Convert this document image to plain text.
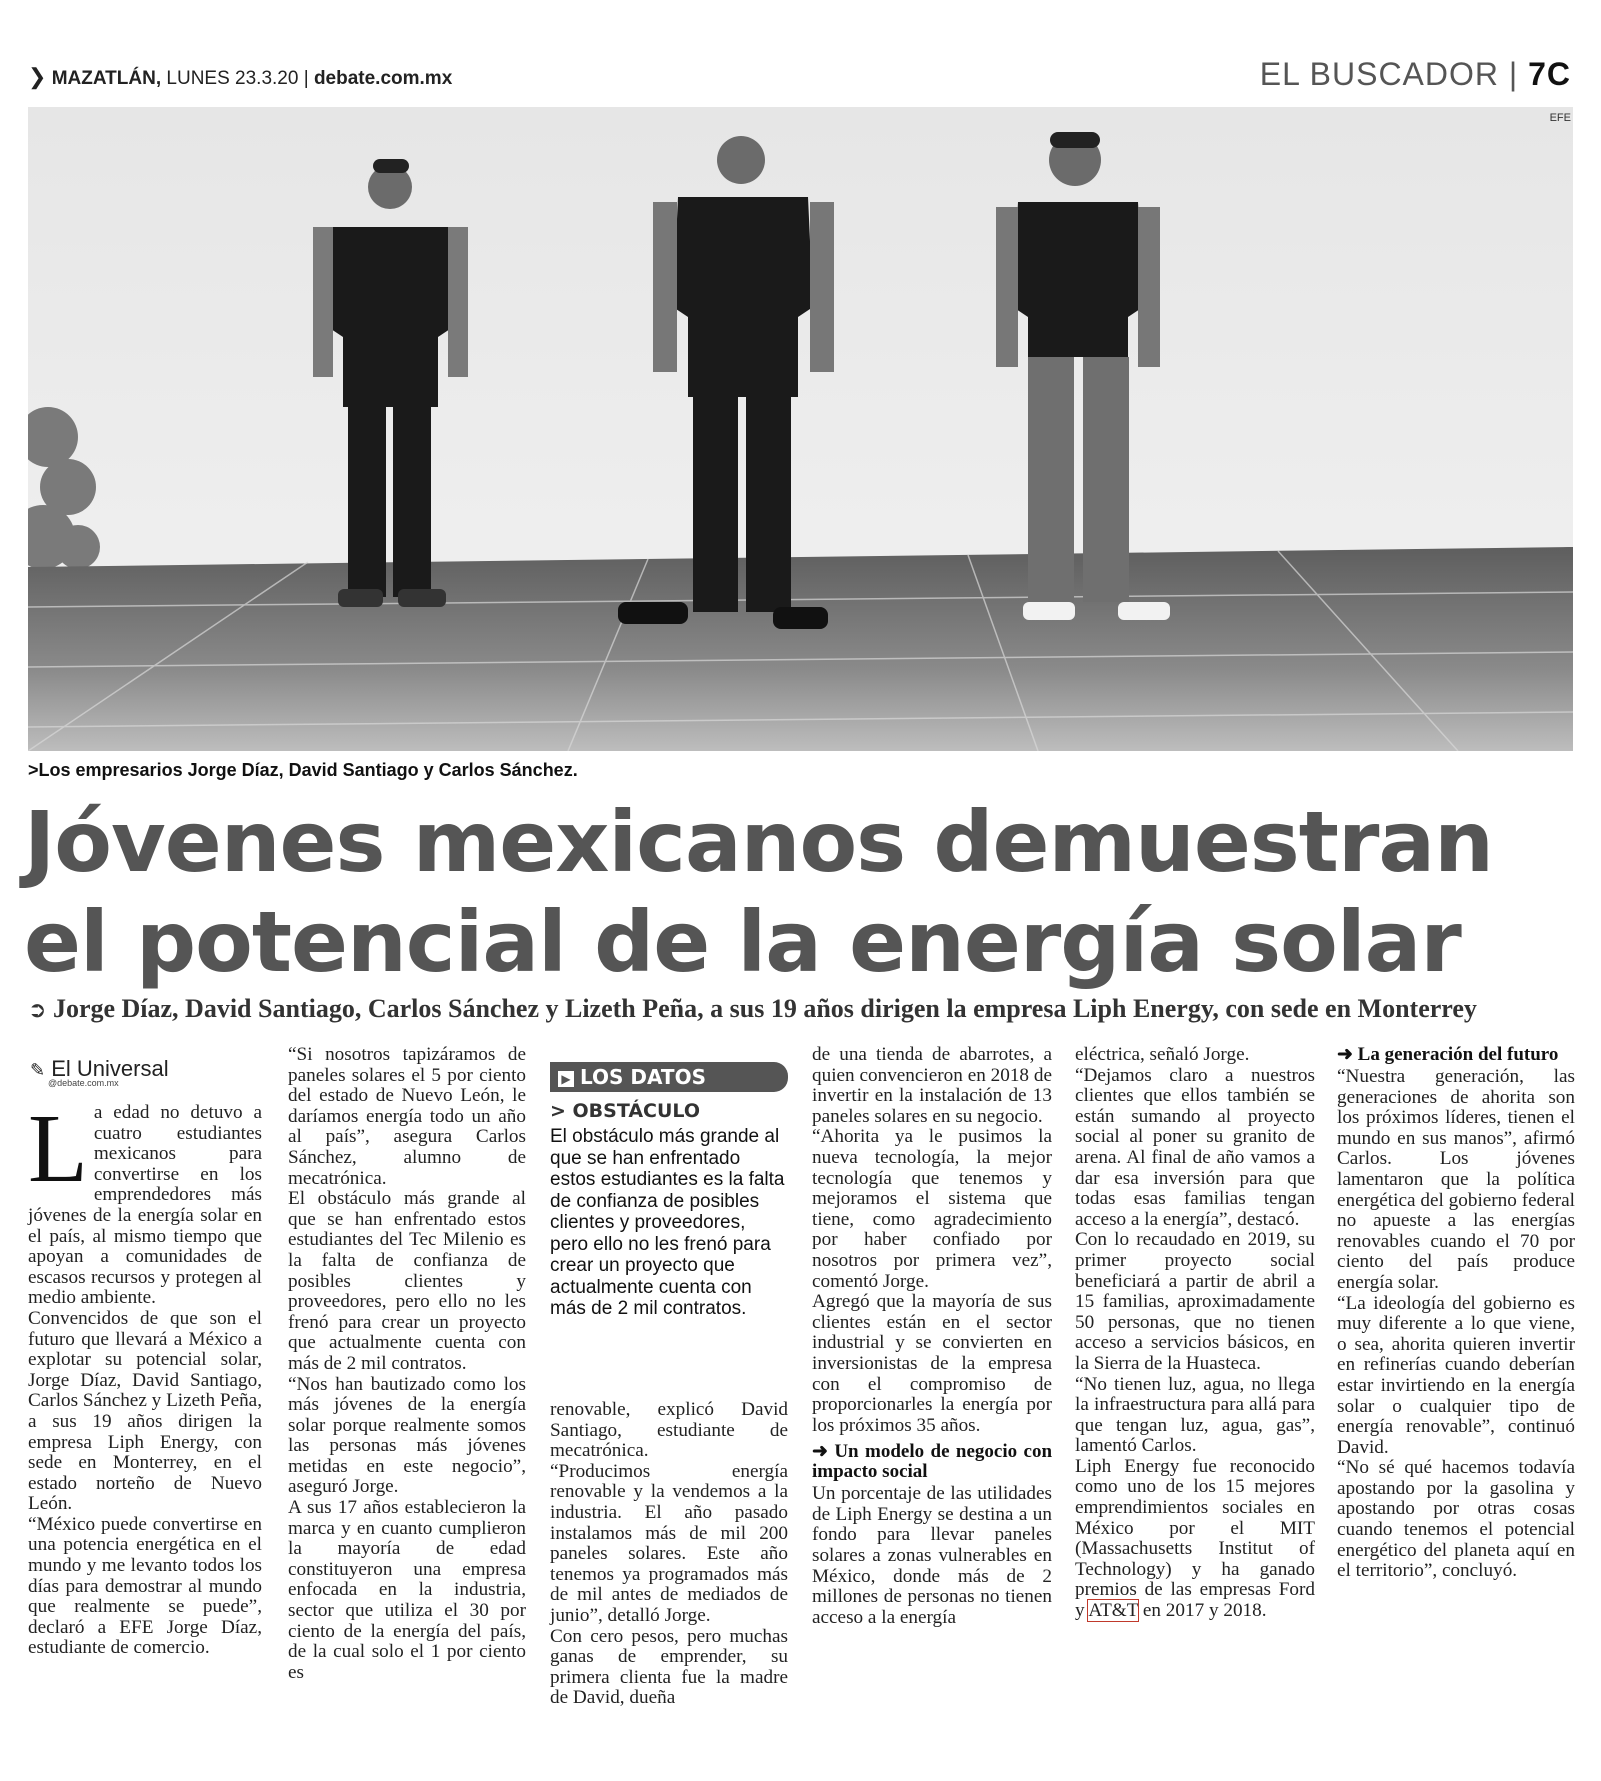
❯ MAZATLÁN, LUNES 23.3.20 | debate.com.mx	EL BUSCADOR | 7C
EFE
>Los empresarios Jorge Díaz, David Santiago y Carlos Sánchez.
Jóvenes mexicanos demuestran
el potencial de la energía solar
➲ Jorge Díaz, David Santiago, Carlos Sánchez y Lizeth Peña, a sus 19 años dirigen la empresa Liph Energy, con sede en Monterrey
✎ El Universal
@debate.com.mx

La edad no detuvo a cuatro estudiantes mexicanos para convertirse en los emprendedores más jóvenes de la energía solar en el país, al mismo tiempo que apoyan a comunidades de escasos recursos y protegen al medio ambiente.

Convencidos de que son el futuro que llevará a México a explotar su potencial solar, Jorge Díaz, David Santiago, Carlos Sánchez y Lizeth Peña, a sus 19 años dirigen la empresa Liph Energy, con sede en Monterrey, en el estado norteño de Nuevo León.

“México puede convertirse en una potencia energética en el mundo y me levanto todos los días para demostrar al mundo que realmente se puede”, declaró a EFE Jorge Díaz, estudiante de comercio.

“Si nosotros tapizáramos de paneles solares el 5 por ciento del estado de Nuevo León, le daríamos energía todo un año al país”, asegura Carlos Sánchez, alumno de mecatrónica.

El obstáculo más grande al que se han enfrentado estos estudiantes del Tec Milenio es la falta de confianza de posibles clientes y proveedores, pero ello no les frenó para crear un proyecto que actualmente cuenta con más de 2 mil contratos.

“Nos han bautizado como los más jóvenes de la energía solar porque realmente somos las personas más jóvenes metidas en este negocio”, aseguró Jorge.

A sus 17 años establecieron la marca y en cuanto cumplieron la mayoría de edad constituyeron una empresa enfocada en la industria, sector que utiliza el 30 por ciento de la energía del país, de la cual solo el 1 por ciento es

▶ LOS DATOS
> OBSTÁCULO
El obstáculo más grande al que se han enfrentado estos estudiantes es la falta de confianza de posibles clientes y proveedores, pero ello no les frenó para crear un proyecto que actualmente cuenta con más de 2 mil contratos.

renovable, explicó David Santiago, estudiante de mecatrónica.

“Producimos energía renovable y la vendemos a la industria. El año pasado instalamos más de mil 200 paneles solares. Este año tenemos ya programados más de mil antes de mediados de junio”, detalló Jorge.

Con cero pesos, pero muchas ganas de emprender, su primera clienta fue la madre de David, dueña

de una tienda de abarrotes, a quien convencieron en 2018 de invertir en la instalación de 13 paneles solares en su negocio.

“Ahorita ya le pusimos la nueva tecnología, la mejor tecnología que tenemos y mejoramos el sistema que tiene, como agradecimiento por haber confiado por nosotros por primera vez”, comentó Jorge.

Agregó que la mayoría de sus clientes están en el sector industrial y se convierten en inversionistas de la empresa con el compromiso de proporcionarles la energía por los próximos 35 años.

➜ Un modelo de negocio con impacto social

Un porcentaje de las utilidades de Liph Energy se destina a un fondo para llevar paneles solares a zonas vulnerables en México, donde más de 2 millones de personas no tienen acceso a la energía

eléctrica, señaló Jorge.

“Dejamos claro a nuestros clientes que ellos también se están sumando al proyecto social al poner su granito de arena. Al final de año vamos a dar esa inversión para que todas esas familias tengan acceso a la energía”, destacó.

Con lo recaudado en 2019, su primer proyecto social beneficiará a partir de abril a 15 familias, aproximadamente 50 personas, que no tienen acceso a servicios básicos, en la Sierra de la Huasteca.

“No tienen luz, agua, no llega la infraestructura para allá para que tengan luz, agua, gas”, lamentó Carlos.

Liph Energy fue reconocido como uno de los 15 mejores emprendimientos sociales en México por el MIT (Massachusetts Institut of Technology) y ha ganado premios de las empresas Ford y AT&T en 2017 y 2018.

➜ La generación del futuro

“Nuestra generación, las generaciones de ahorita son los próximos líderes, tienen el mundo en sus manos”, afirmó Carlos. Los jóvenes lamentaron que la política energética del gobierno federal no apueste a las energías renovables cuando el 70 por ciento del país produce energía solar.

“La ideología del gobierno es muy diferente a lo que viene, o sea, ahorita quieren invertir en refinerías cuando deberían estar invirtiendo en la energía solar o cualquier tipo de energía renovable”, continuó David.

“No sé qué hacemos todavía apostando por la gasolina y apostando por otras cosas cuando tenemos el potencial energético del planeta aquí en el territorio”, concluyó.
